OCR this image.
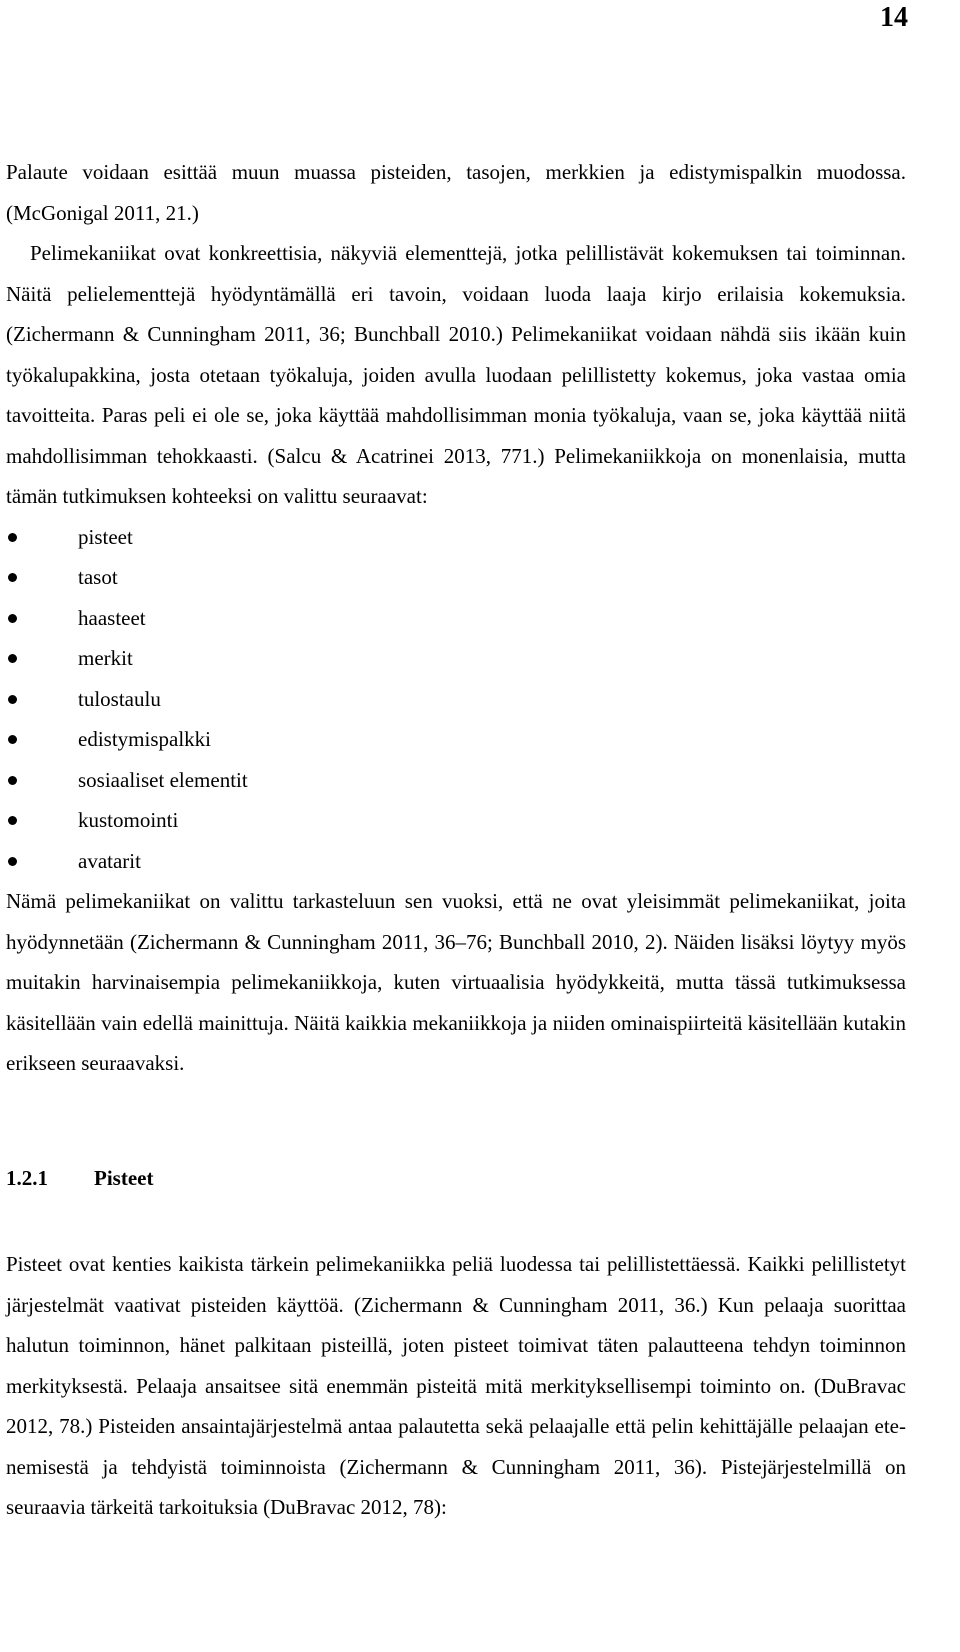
14

Palaute voidaan esittää muun muassa pisteiden, tasojen, merkkien ja edistymispalkin muodossa. (McGonigal 2011, 21.)

Pelimekaniikat ovat konkreettisia, näkyviä elementtejä, jotka pelillistävät kokemuksen tai toiminnan. Näitä pelielementtejä hyödyntämällä eri tavoin, voidaan luoda laaja kirjo erilaisia kokemuksia. (Zichermann & Cunningham 2011, 36; Bunchball 2010.) Pelimekaniikat voidaan nähdä siis ikään kuin työkalupakkina, josta otetaan työkaluja, joiden avulla luodaan pelillistetty kokemus, joka vastaa omia tavoitteita. Paras peli ei ole se, joka käyttää mahdollisimman monia työkaluja, vaan se, joka käyttää niitä mahdollisimman tehokkaasti. (Salcu & Acatrinei 2013, 771.) Pelimekaniikkoja on monenlaisia, mutta tämän tutkimuksen kohteeksi on valittu seuraavat:

pisteet
tasot
haasteet
merkit
tulostaulu
edistymispalkki
sosiaaliset elementit
kustomointi
avatarit

Nämä pelimekaniikat on valittu tarkasteluun sen vuoksi, että ne ovat yleisimmät pelimekaniikat, joita hyödynnetään (Zichermann & Cunningham 2011, 36–76; Bunchball 2010, 2). Näiden lisäksi löytyy myös muitakin harvinaisempia pelimekaniikkoja, kuten virtuaalisia hyödykkeitä, mutta tässä tutkimuksessa käsitellään vain edellä mainittuja. Näitä kaikkia mekaniikkoja ja niiden ominaispiirteitä käsitellään kutakin erikseen seuraavaksi.

1.2.1	Pisteet

Pisteet ovat kenties kaikista tärkein pelimekaniikka peliä luodessa tai pelillistettäessä. Kaikki pelillistetyt järjestelmät vaativat pisteiden käyttöä. (Zichermann & Cunningham 2011, 36.) Kun pelaaja suorittaa halutun toiminnon, hänet palkitaan pisteillä, joten pisteet toimivat täten palautteena tehdyn toiminnon merkityksestä. Pelaaja ansaitsee sitä enemmän pisteitä mitä merkityksellisempi toiminto on. (DuBravac 2012, 78.) Pisteiden ansaintajärjestelmä antaa palautetta sekä pelaajalle että pelin kehittäjälle pelaajan etenemisestä ja tehdyistä toiminnoista (Zichermann & Cunningham 2011, 36). Pistejärjestelmillä on seuraavia tärkeitä tarkoituksia (DuBravac 2012, 78):
